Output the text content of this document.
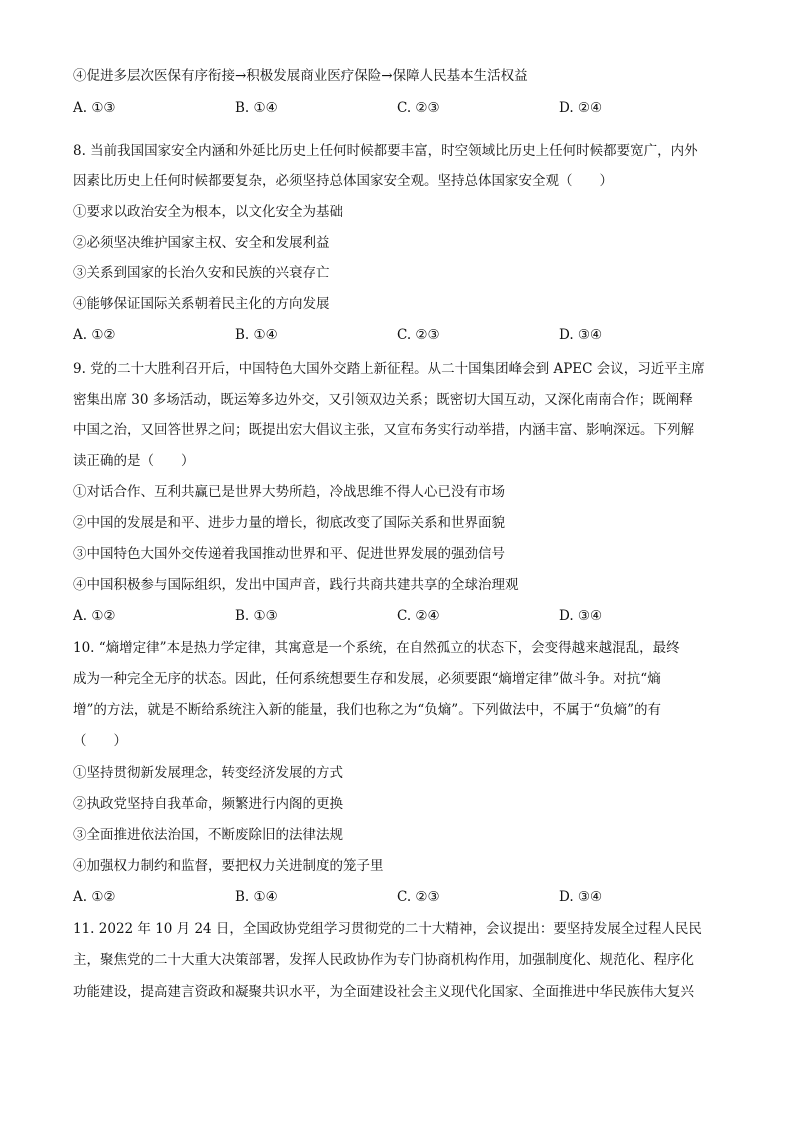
④促进多层次医保有序衔接→积极发展商业医疗保险→保障人民基本生活权益
A. ①③	B. ①④	C. ②③	D. ②④
8. 当前我国国家安全内涵和外延比历史上任何时候都要丰富，时空领域比历史上任何时候都要宽广，内外
因素比历史上任何时候都要复杂，必须坚持总体国家安全观。坚持总体国家安全观（　　）
①要求以政治安全为根本，以文化安全为基础
②必须坚决维护国家主权、安全和发展利益
③关系到国家的长治久安和民族的兴衰存亡
④能够保证国际关系朝着民主化的方向发展
A. ①②	B. ①④	C. ②③	D. ③④
9. 党的二十大胜利召开后，中国特色大国外交踏上新征程。从二十国集团峰会到 APEC 会议，习近平主席
密集出席 30 多场活动，既运筹多边外交，又引领双边关系；既密切大国互动，又深化南南合作；既阐释
中国之治，又回答世界之问；既提出宏大倡议主张，又宣布务实行动举措，内涵丰富、影响深远。下列解
读正确的是（　　）
①对话合作、互利共赢已是世界大势所趋，冷战思维不得人心已没有市场
②中国的发展是和平、进步力量的增长，彻底改变了国际关系和世界面貌
③中国特色大国外交传递着我国推动世界和平、促进世界发展的强劲信号
④中国积极参与国际组织，发出中国声音，践行共商共建共享的全球治理观
A. ①②	B. ①③	C. ②④	D. ③④
10. “熵增定律”本是热力学定律，其寓意是一个系统，在自然孤立的状态下，会变得越来越混乱，最终
成为一种完全无序的状态。因此，任何系统想要生存和发展，必须要跟“熵增定律”做斗争。对抗“熵
增”的方法，就是不断给系统注入新的能量，我们也称之为“负熵”。下列做法中，不属于“负熵”的有
（　　）
①坚持贯彻新发展理念，转变经济发展的方式
②执政党坚持自我革命，频繁进行内阁的更换
③全面推进依法治国，不断废除旧的法律法规
④加强权力制约和监督，要把权力关进制度的笼子里
A. ①②	B. ①④	C. ②③	D. ③④
11. 2022 年 10 月 24 日，全国政协党组学习贯彻党的二十大精神，会议提出：要坚持发展全过程人民民
主，聚焦党的二十大重大决策部署，发挥人民政协作为专门协商机构作用，加强制度化、规范化、程序化
功能建设，提高建言资政和凝聚共识水平，为全面建设社会主义现代化国家、全面推进中华民族伟大复兴
